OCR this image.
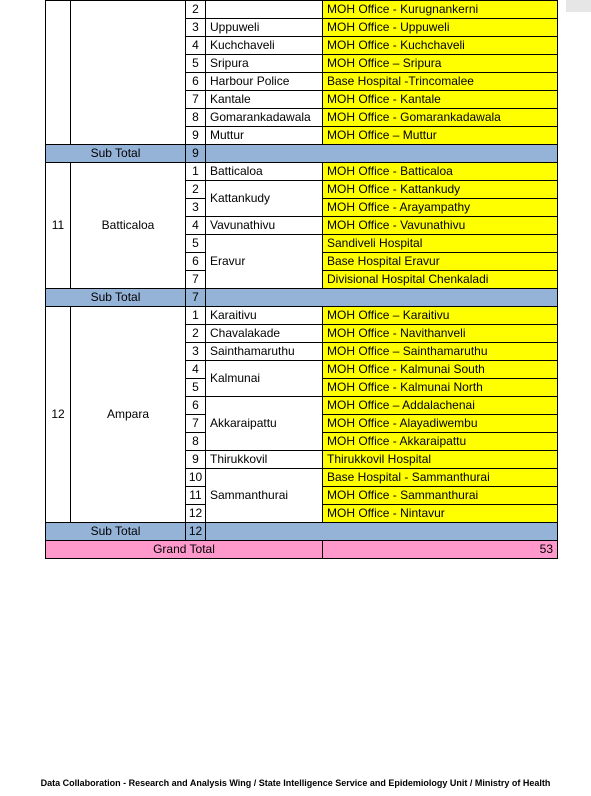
		2		MOH Office - Kurugnankerni
		3	Uppuweli	MOH Office - Uppuweli
		4	Kuchchaveli	MOH Office - Kuchchaveli
		5	Sripura	MOH Office – Sripura
		6	Harbour Police	Base Hospital -Trincomalee
		7	Kantale	MOH Office - Kantale
		8	Gomarankadawala	MOH Office - Gomarankadawala
		9	Muttur	MOH Office – Muttur
Sub Total		9		
11	Batticaloa	1	Batticaloa	MOH Office - Batticaloa
		2	Kattankudy	MOH Office - Kattankudy
		3		MOH Office - Arayampathy
		4	Vavunathivu	MOH Office - Vavunathivu
		5	Eravur	Sandiveli Hospital
		6		Base Hospital Eravur
		7		Divisional Hospital Chenkaladi
Sub Total		7		
12	Ampara	1	Karaitivu	MOH Office – Karaitivu
		2	Chavalakade	MOH Office - Navithanveli
		3	Sainthamaruthu	MOH Office – Sainthamaruthu
		4	Kalmunai	MOH Office - Kalmunai South
		5		MOH Office - Kalmunai North
		6	Akkaraipattu	MOH Office – Addalachenai
		7		MOH Office - Alayadiwembu
		8		MOH Office - Akkaraipattu
		9	Thirukkovil	Thirukkovil Hospital
		10	Sammanthurai	Base Hospital - Sammanthurai
		11		MOH Office - Sammanthurai
		12		MOH Office - Nintavur
Sub Total		12		
Grand Total				53
Data Collaboration - Research and Analysis Wing / State Intelligence Service and Epidemiology Unit / Ministry of Health
